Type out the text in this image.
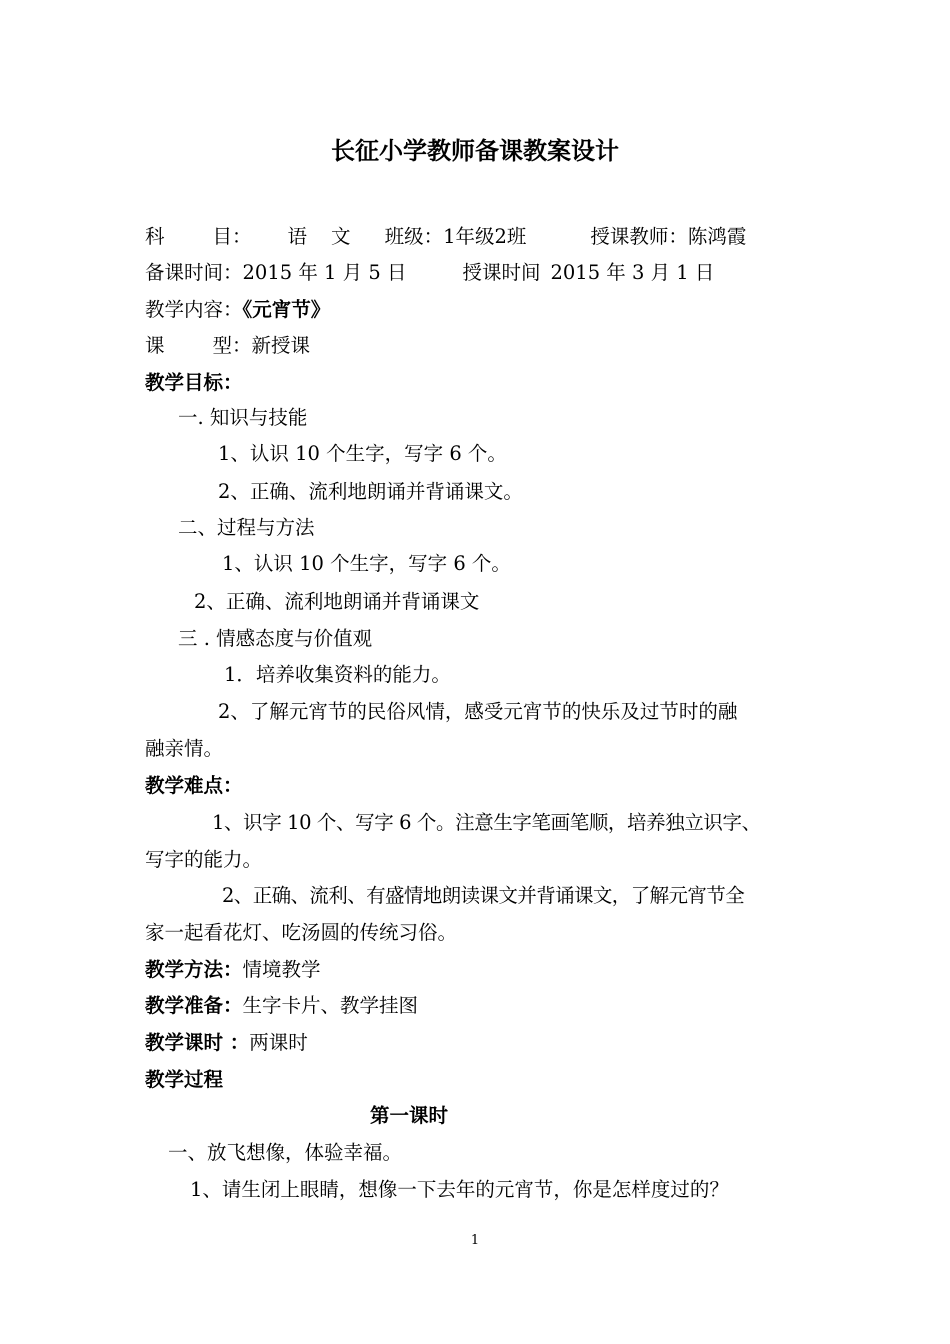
长征小学教师备课教案设计
科 目： 语 文 班级：1年级2班	授课教师：陈鸿霞
备课时间：2015 年 1 月 5 日	授课时间 2015 年 3 月 1 日
教学内容：《元宵节》
课 型：新授课
教学目标：
一. 知识与技能
1、认识 10 个生字，写字 6 个。
2、正确、流利地朗诵并背诵课文。
二、过程与方法
1、认识 10 个生字，写字 6 个。
2、正确、流利地朗诵并背诵课文
三 . 情感态度与价值观
1．培养收集资料的能力。
2、了解元宵节的民俗风情，感受元宵节的快乐及过节时的融
融亲情。
教学难点：
1、识字 10 个、写字 6 个。注意生字笔画笔顺，培养独立识字、
写字的能力。
2、正确、流利、有盛情地朗读课文并背诵课文，了解元宵节全
家一起看花灯、吃汤圆的传统习俗。
教学方法：情境教学
教学准备：生字卡片、教学挂图
教学课时 ：两课时
教学过程
第一课时
一、放飞想像，体验幸福。
1、请生闭上眼睛，想像一下去年的元宵节，你是怎样度过的？
1
